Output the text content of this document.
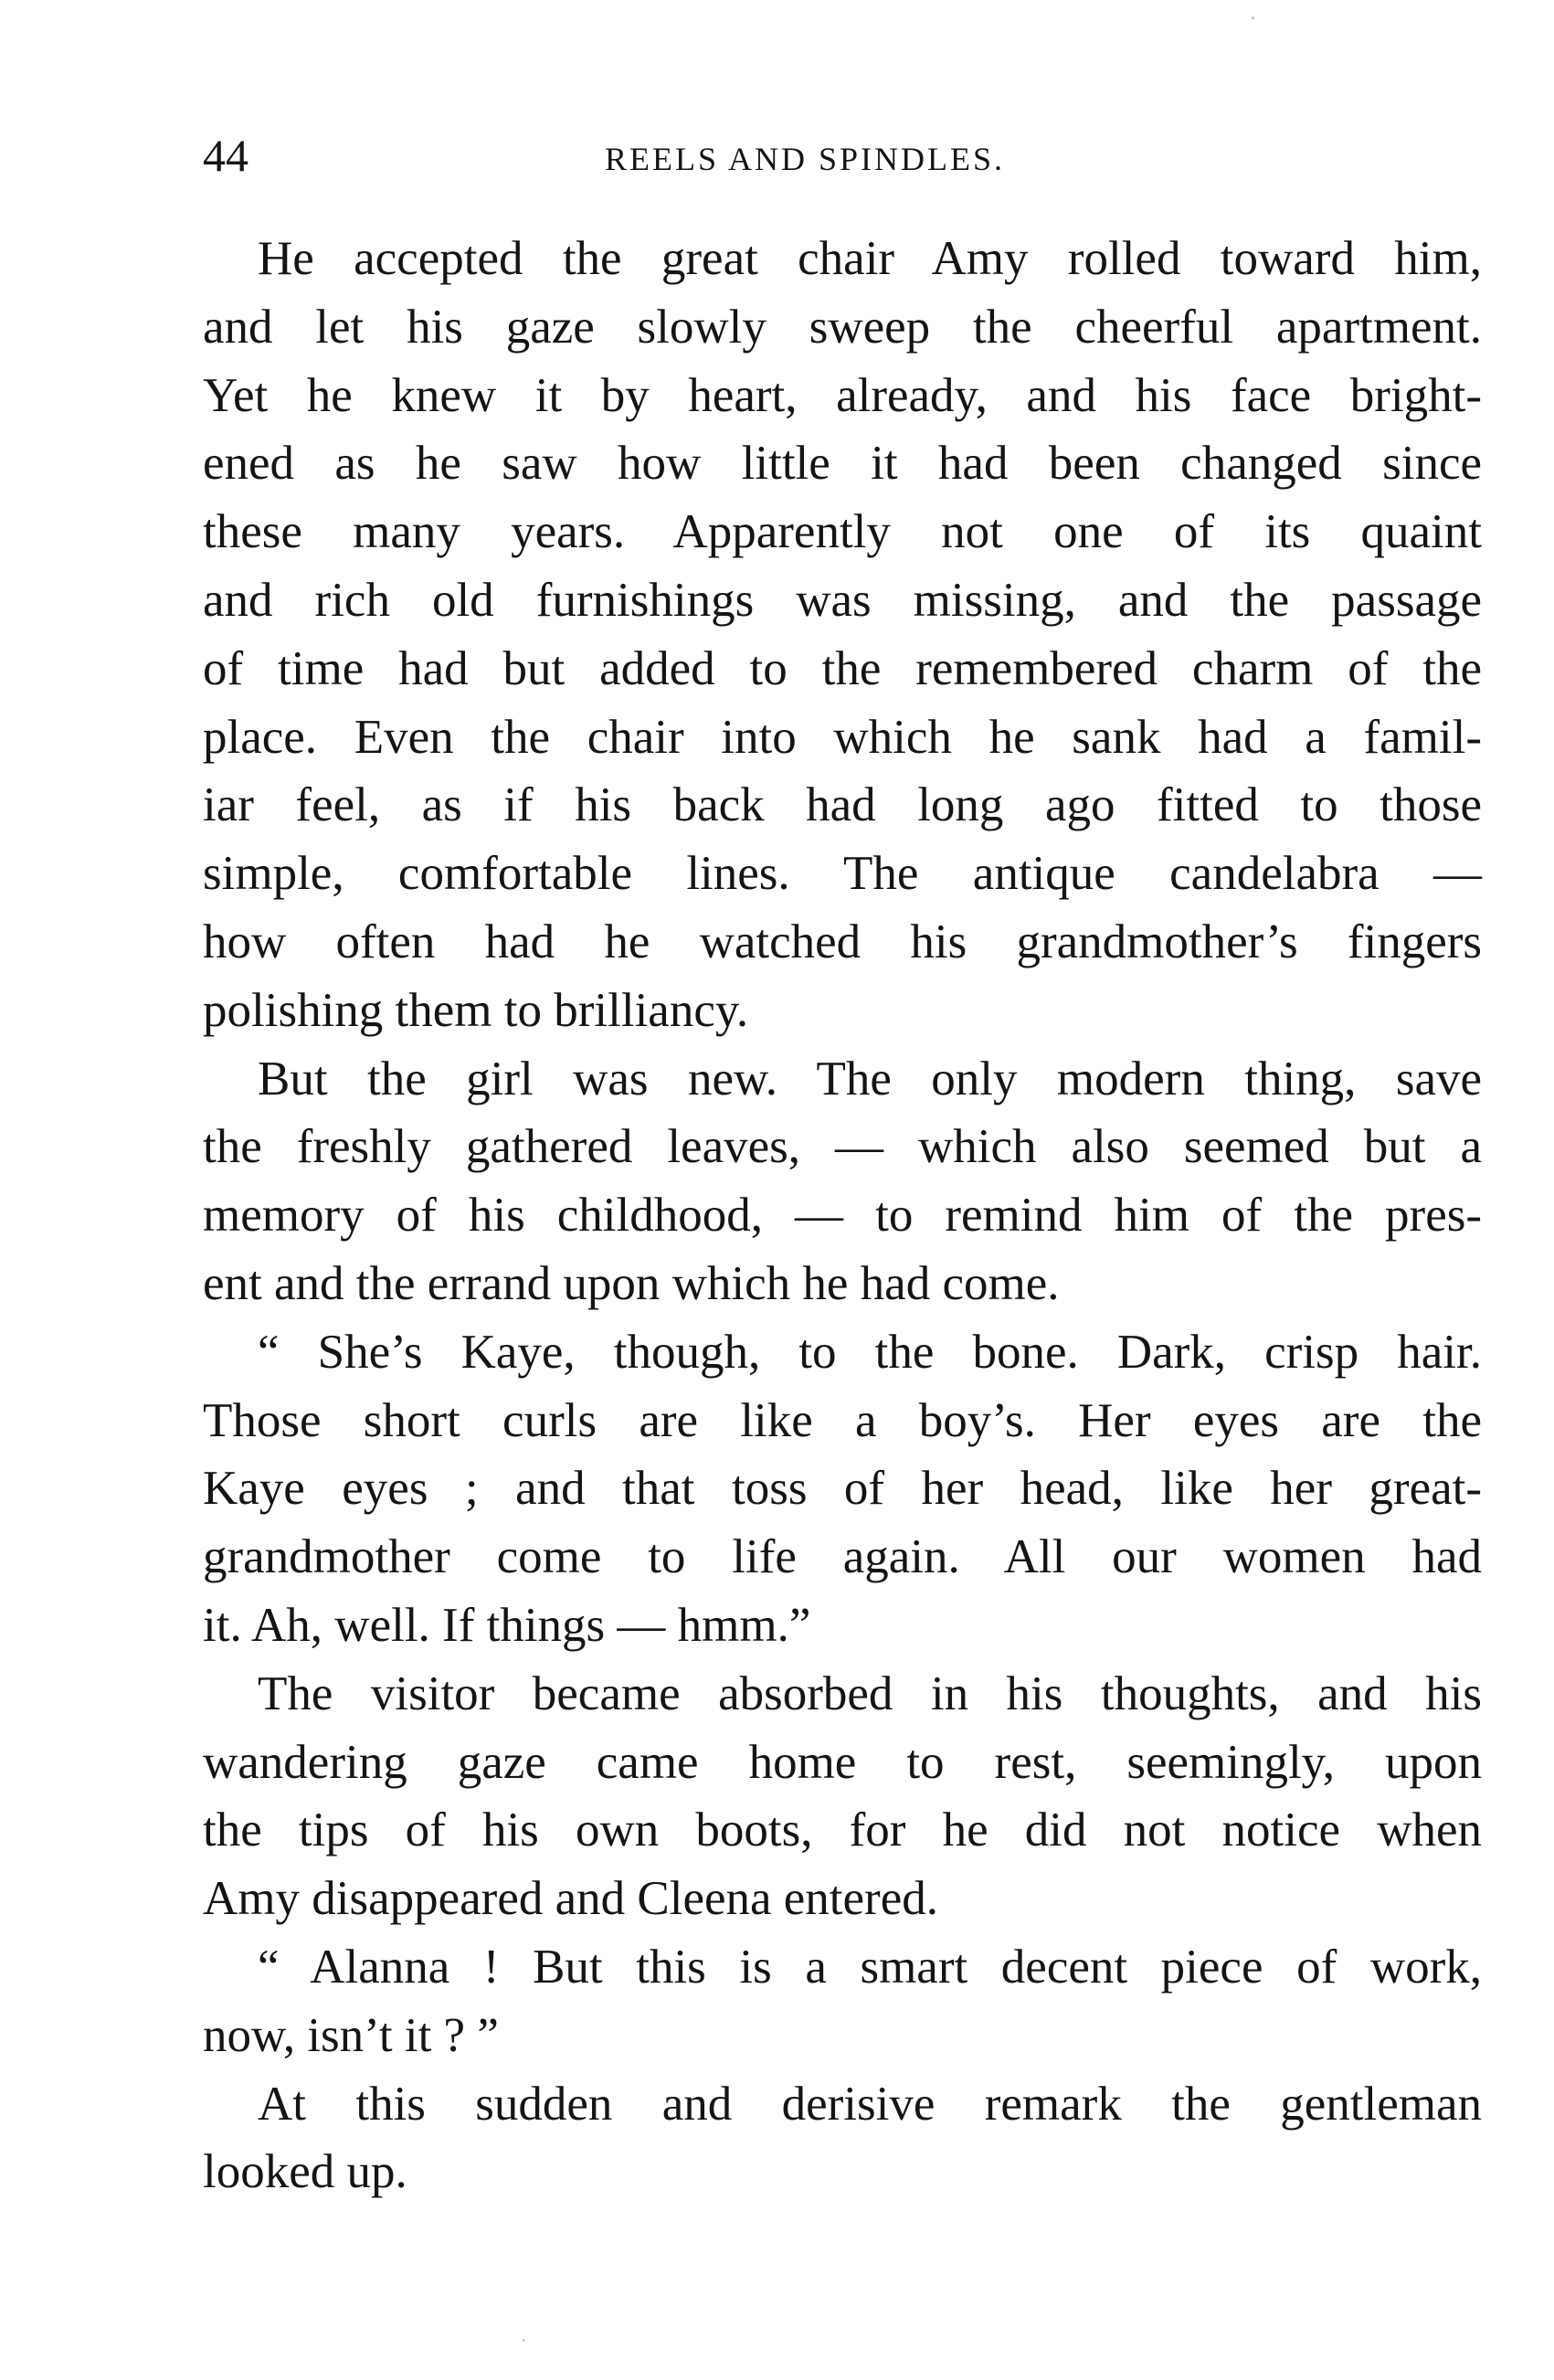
44	REELS AND SPINDLES.
He accepted the great chair Amy rolled toward him,
and let his gaze slowly sweep the cheerful apartment.
Yet he knew it by heart, already, and his face bright-
ened as he saw how little it had been changed since
these many years. Apparently not one of its quaint
and rich old furnishings was missing, and the passage
of time had but added to the remembered charm of the
place. Even the chair into which he sank had a famil-
iar feel, as if his back had long ago fitted to those
simple, comfortable lines. The antique candelabra —
how often had he watched his grandmother’s fingers
polishing them to brilliancy.
But the girl was new. The only modern thing, save
the freshly gathered leaves, — which also seemed but a
memory of his childhood, — to remind him of the pres-
ent and the errand upon which he had come.
“ She’s Kaye, though, to the bone. Dark, crisp hair.
Those short curls are like a boy’s. Her eyes are the
Kaye eyes ; and that toss of her head, like her great-
grandmother come to life again. All our women had
it. Ah, well. If things — hmm.”
The visitor became absorbed in his thoughts, and his
wandering gaze came home to rest, seemingly, upon
the tips of his own boots, for he did not notice when
Amy disappeared and Cleena entered.
“ Alanna ! But this is a smart decent piece of work,
now, isn’t it ? ”
At this sudden and derisive remark the gentleman
looked up.
